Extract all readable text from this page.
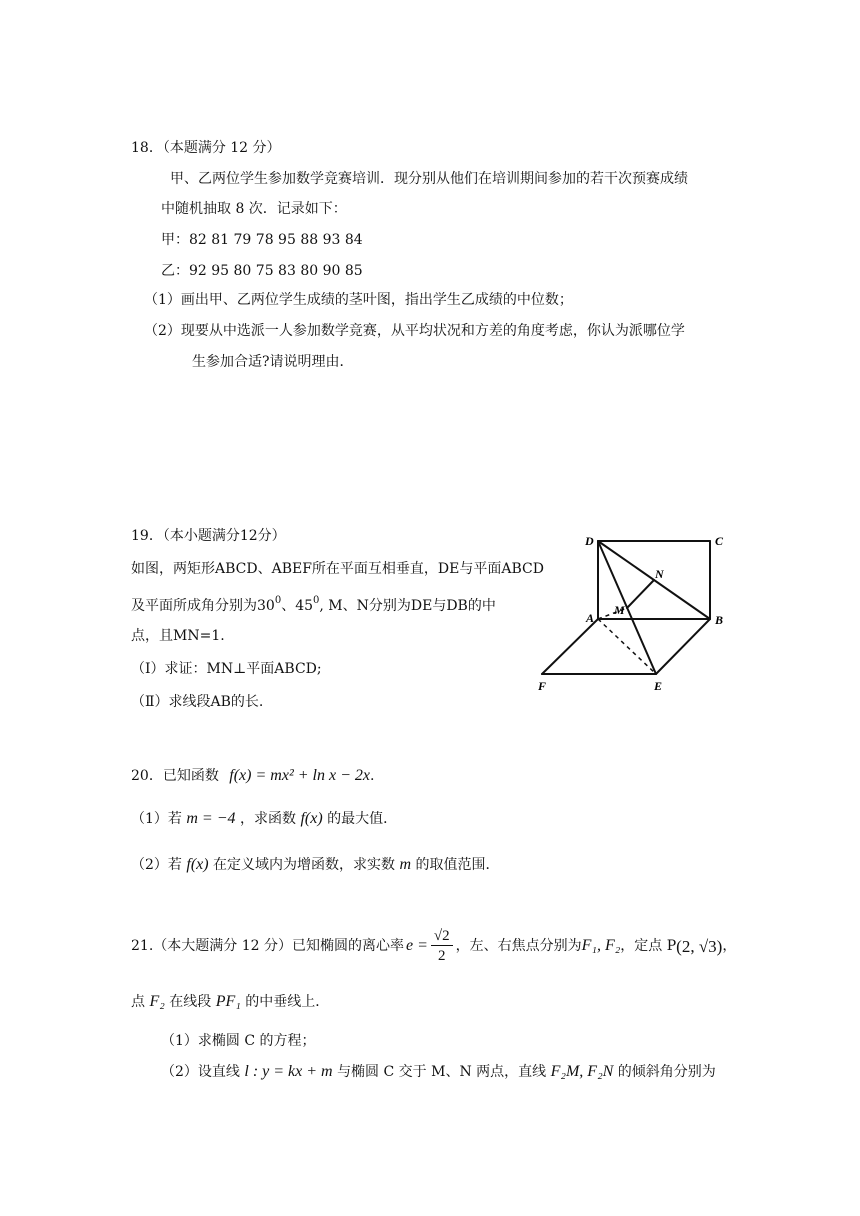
18．（本题满分 12 分）
甲、乙两位学生参加数学竞赛培训．现分别从他们在培训期间参加的若干次预赛成绩
中随机抽取 8 次．记录如下：
甲：82 81 79 78 95 88 93 84
乙：92 95 80 75 83 80 90 85
（1）画出甲、乙两位学生成绩的茎叶图，指出学生乙成绩的中位数；
（2）现要从中选派一人参加数学竞赛，从平均状况和方差的角度考虑，你认为派哪位学
生参加合适?请说明理由．
19．（本小题满分12分）
如图，两矩形ABCD、ABEF所在平面互相垂直，DE与平面ABCD
及平面所成角分别为$30^0$、$45^0$, M、N分别为DE与DB的中
点，且MN=1.
（Ⅰ）求证：MN⊥平面ABCD;
（Ⅱ）求线段AB的长.
D	C
N
A
M
B
F	E
20．已知函数 f(x) = mx² + ln x − 2x.
（1）若 m = −4 ，求函数 f(x) 的最大值．
（2）若 f(x) 在定义域内为增函数，求实数 m 的取值范围．
21.（本大题满分 12 分）已知椭圆的离心率 $e = \frac{√2}{2}$ ，左、右焦点分别为 F₁, F₂ ，定点 P (2, √3) ，
点 F₂ 在线段 PF₁ 的中垂线上．
（1）求椭圆 C 的方程；
（2）设直线 l : y = kx + m 与椭圆 C 交于 M、N 两点，直线 F₂M, F₂N 的倾斜角分别为
